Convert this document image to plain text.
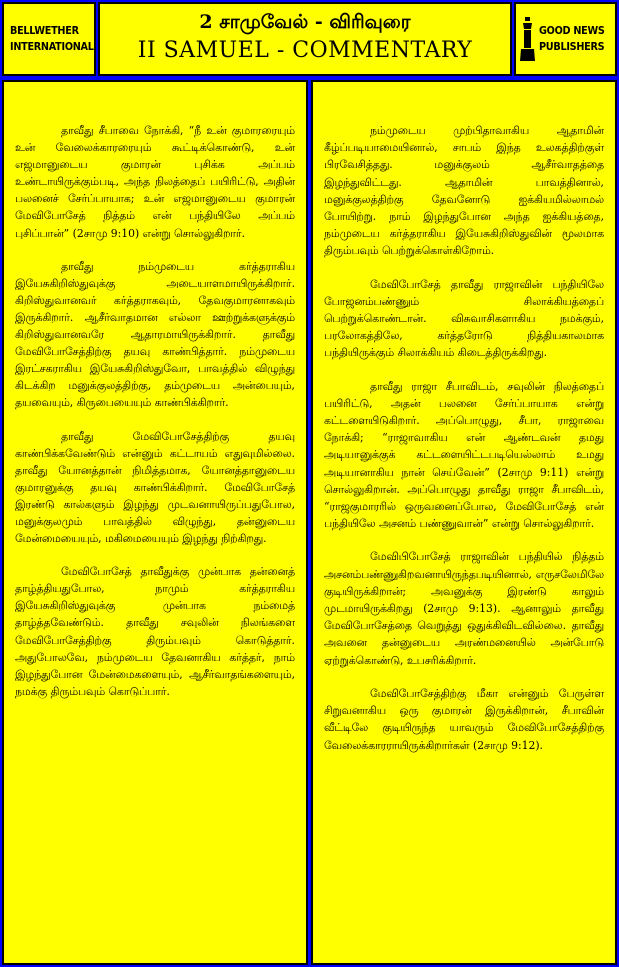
BELLWETHER
INTERNATIONAL
2 சாமுவேல் - விரிவுரை
II SAMUEL - COMMENTARY
GOOD NEWS
PUBLISHERS

தாவீது சீபாவை நோக்கி, “நீ உன் குமாரரையும் உன் வேலைக்காரரையும் கூட்டிக்கொண்டு, உன் எஜமானுடைய குமாரன் புசிக்க அப்பம் உண்டாயிருக்கும்படி, அந்த நிலத்தைப் பயிரிட்டு, அதின் பலனைச் சேர்ப்பாயாக; உன் எஜமானுடைய குமாரன் மேவிபோசேத் நித்தம் என் பந்தியிலே அப்பம் புசிப்பான்” (2சாமு 9:10) என்று சொல்லுகிறார்.

தாவீது நம்முடைய கர்த்தராகிய இயேசுகிறிஸ்துவுக்கு அடையாளமாயிருக்கிறார். கிறிஸ்துவானவர் கர்த்தராகவும், தேவகுமாரனாகவும் இருக்கிறார். ஆசீர்வாதமான எல்லா ஊற்றுக்களுக்கும் கிறிஸ்துவானவரே ஆதாரமாயிருக்கிறார். தாவீது மேவிபோசேத்திற்கு தயவு காண்பித்தார். நம்முடைய இரட்சகராகிய இயேசுகிறிஸ்துவோ, பாவத்தில் விழுந்து கிடக்கிற மனுக்குலத்திற்கு, தம்முடைய அன்பையும், தயவையும், கிருபையையும் காண்பிக்கிறார்.

தாவீது மேவிபோசேத்திற்கு தயவு காண்பிக்கவேண்டும் என்னும் கட்டாயம் எதுவுமில்லை. தாவீது யோனத்தான் நிமித்தமாக, யோனத்தானுடைய குமாரனுக்கு தயவு காண்பிக்கிறார். மேவிபோசேத் இரண்டு கால்களும் இழந்து முடவனாயிருப்பதுபோல, மனுக்குலமும் பாவத்தில் விழுந்து, தன்னுடைய மேன்மையையும், மகிமையையும் இழந்து நிற்கிறது.

மேவிபோசேத் தாவீதுக்கு முன்பாக தன்னைத் தாழ்த்தியதுபோல, நாமும் கர்த்தராகிய இயேசுகிறிஸ்துவுக்கு முன்பாக நம்மைத் தாழ்த்தவேண்டும். தாவீது சவுலின் நிலங்களை மேவிபோசேத்திற்கு திரும்பவும் கொடுத்தார். அதுபோலவே, நம்முடைய தேவனாகிய கர்த்தர், நாம் இழந்துபோன மேன்மைகளையும், ஆசீர்வாதங்களையும், நமக்கு திரும்பவும் கொடுப்பார்.

நம்முடைய முற்பிதாவாகிய ஆதாமின் கீழ்ப்படியாமையினால், சாபம் இந்த உலகத்திற்குள் பிரவேசித்தது. மனுக்குலம் ஆசீர்வாதத்தை இழந்துவிட்டது. ஆதாமின் பாவத்தினால், மனுக்குலத்திற்கு தேவனோடு ஐக்கியமில்லாமல் போயிற்று. நாம் இழந்துபோன அந்த ஐக்கியத்தை, நம்முடைய கர்த்தராகிய இயேசுகிறிஸ்துவின் மூலமாக திரும்பவும் பெற்றுக்கொள்கிறோம்.

மேவிபோசேத் தாவீது ராஜாவின் பந்தியிலே போஜனம்பண்ணும் சிலாக்கியத்தைப் பெற்றுக்கொண்டான். விசுவாசிகளாகிய நமக்கும், பரலோகத்திலே, கர்த்தரோடு நித்தியகாலமாக பந்தியிருக்கும் சிலாக்கியம் கிடைத்திருக்கிறது.

தாவீது ராஜா சீபாவிடம், சவுலின் நிலத்தைப் பயிரிட்டு, அதன் பலனை சேர்ப்பாயாக என்று கட்டளையிடுகிறார். அப்பொழுது, சீபா, ராஜாவை நோக்கி; “ராஜாவாகிய என் ஆண்டவன் தமது அடியானுக்குக் கட்டளையிட்டபடியெல்லாம் உமது அடியானாகிய நான் செய்வேன்” (2சாமு 9:11) என்று சொல்லுகிறான். அப்பொழுது தாவீது ராஜா சீபாவிடம், “ராஜகுமாரரில் ஒருவனைப்போல, மேவிபோசேத் என் பந்தியிலே அசனம் பண்ணுவான்” என்று சொல்லுகிறார்.

மேவிபிபோசேத் ராஜாவின் பந்தியில் நித்தம் அசனம்பண்ணுகிறவனாயிருந்தபடியினால், எருசலேமிலே குடியிருக்கிறான்; அவனுக்கு இரண்டு காலும் முடமாயிருக்கிறது (2சாமு 9:13). ஆனாலும் தாவீது மேவிபோசேத்தை வெறுத்து ஒதுக்கிவிடவில்லை. தாவீது அவனை தன்னுடைய அரண்மனையில் அன்போடு ஏற்றுக்கொண்டு, உபசரிக்கிறார்.

மேவிபோசேத்திற்கு மீகா என்னும் பேருள்ள சிறுவனாகிய ஒரு குமாரன் இருக்கிறான், சீபாவின் வீட்டிலே குடியிருந்த யாவரும் மேவிபோசேத்திற்கு வேலைக்காரராயிருக்கிறார்கள் (2சாமு 9:12).
